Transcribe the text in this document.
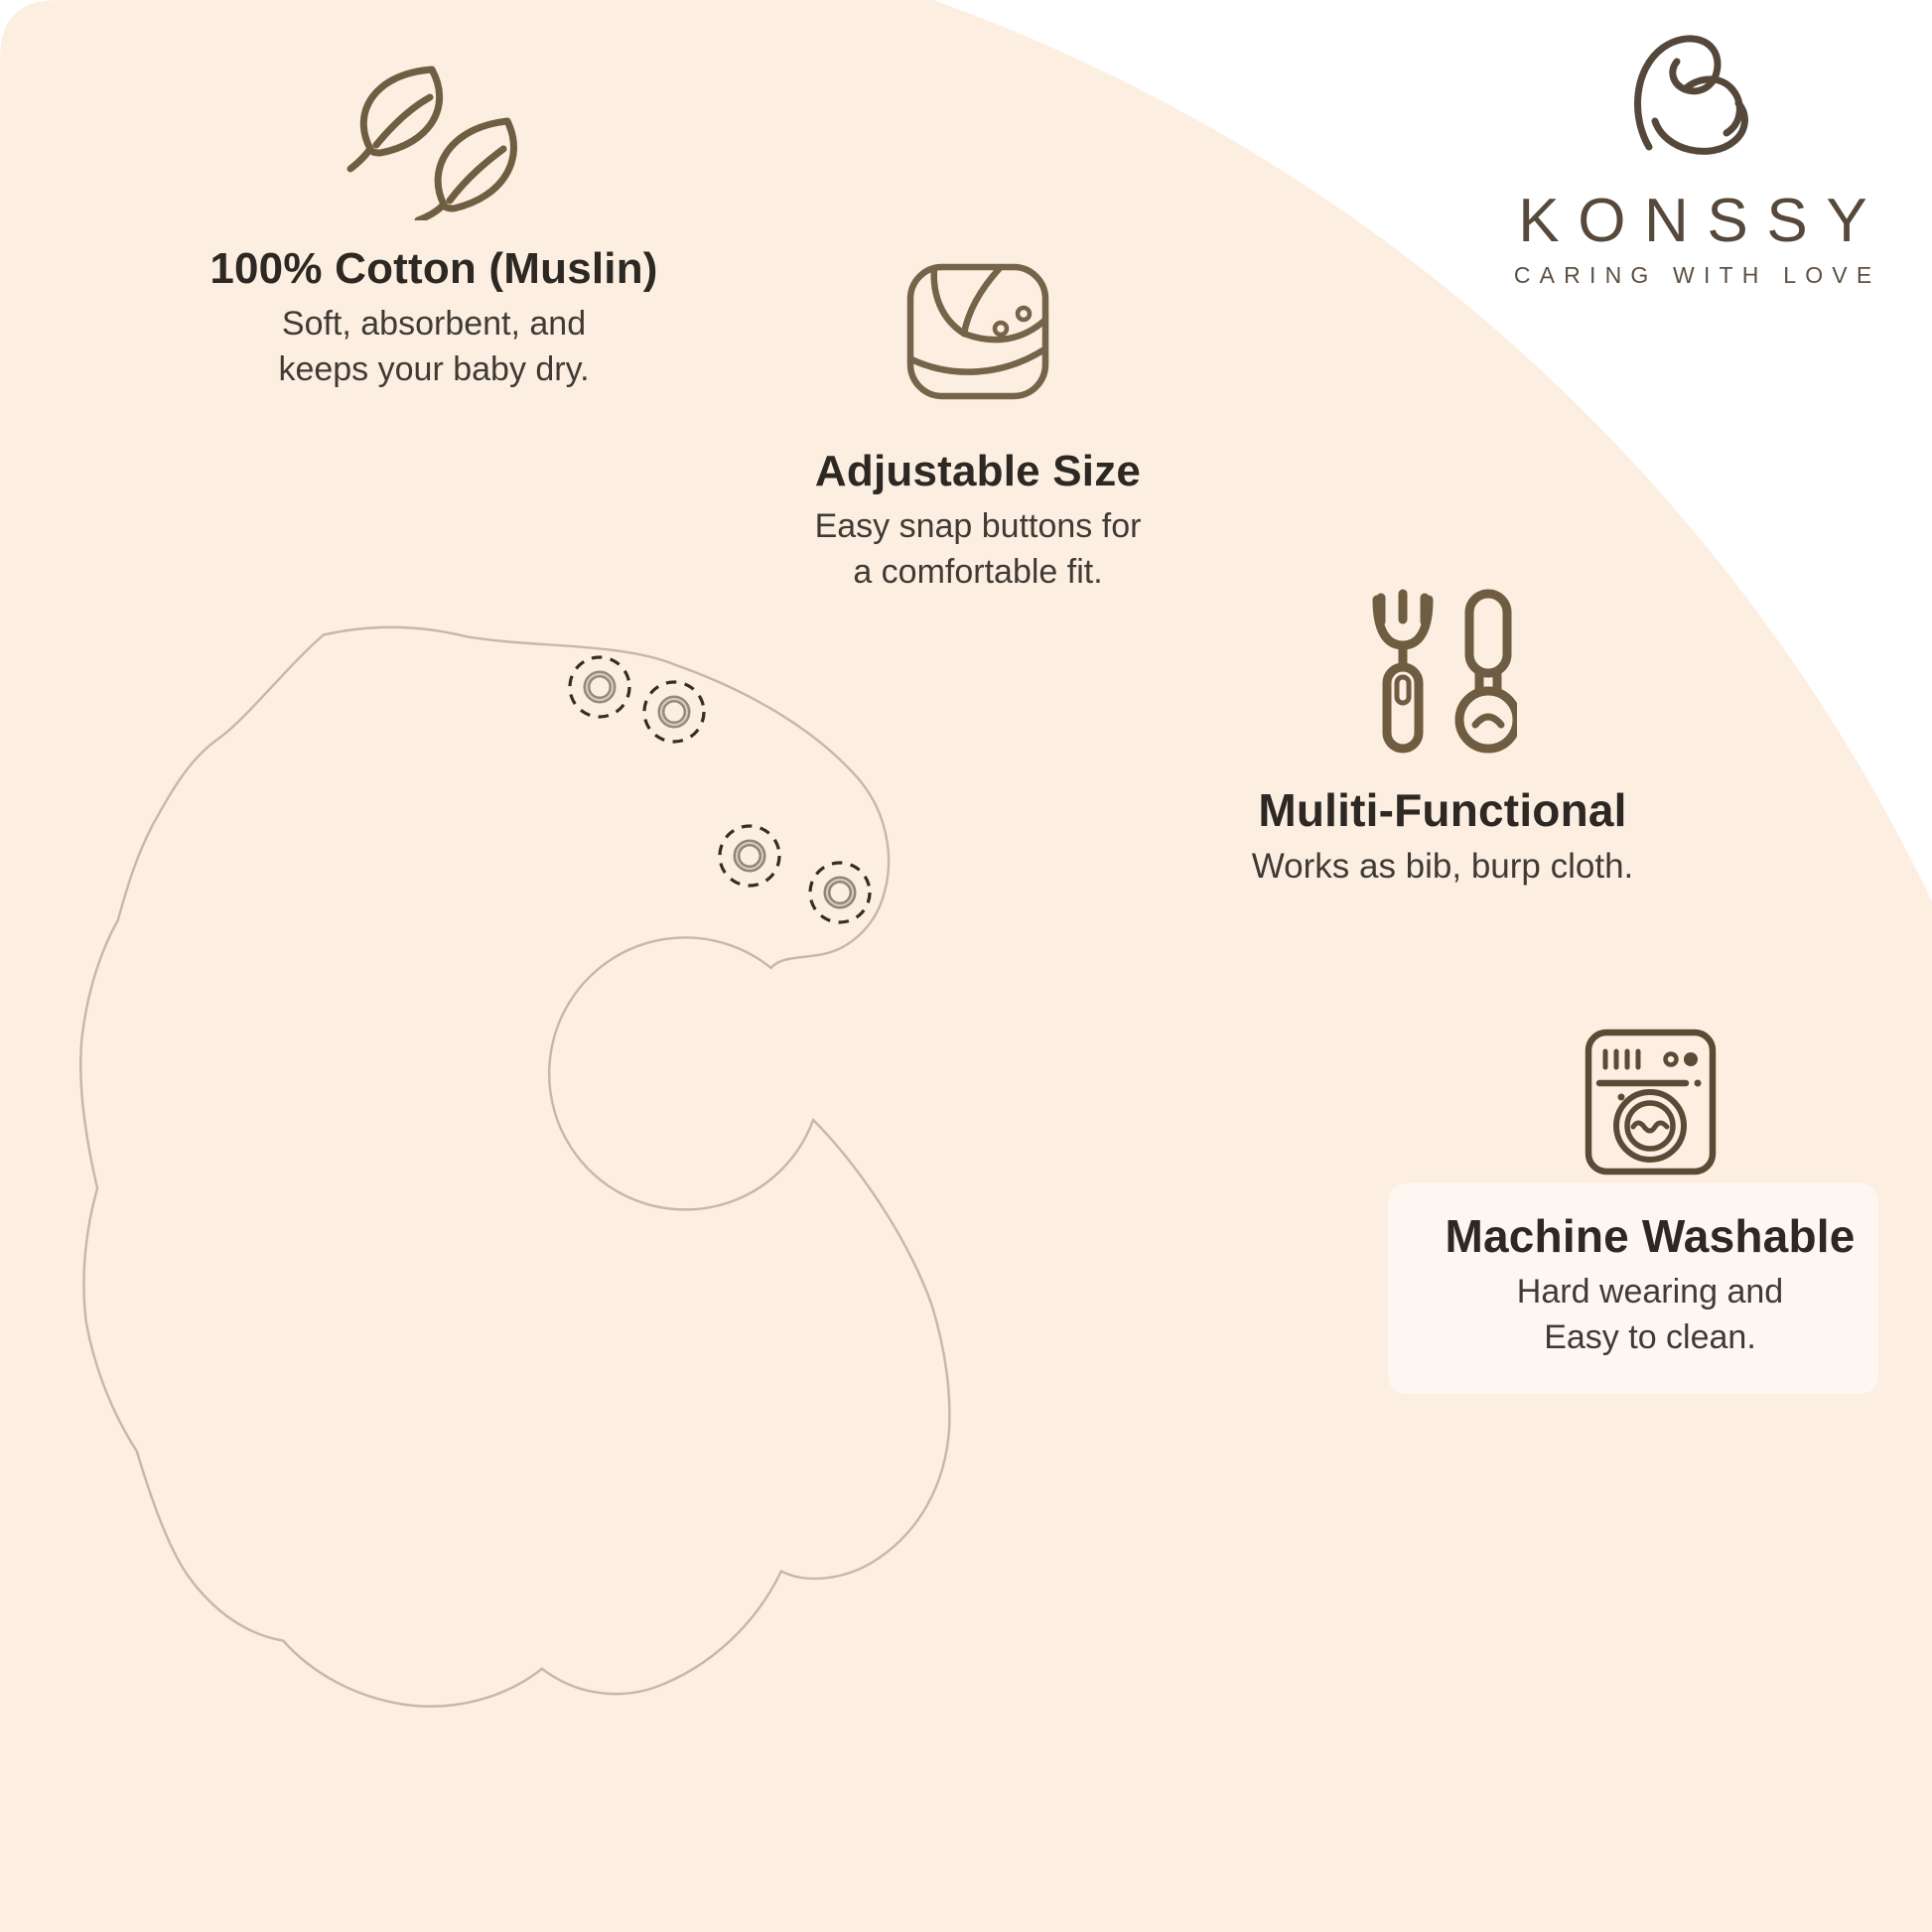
100% Cotton (Muslin)

Soft, absorbent, and

keeps your baby dry.

Adjustable Size

Easy snap buttons for

a comfortable fit.

Muliti-Functional

Works as bib, burp cloth.

Machine Washable

Hard wearing and

Easy to clean.

KONSSY
CARING WITH LOVE
